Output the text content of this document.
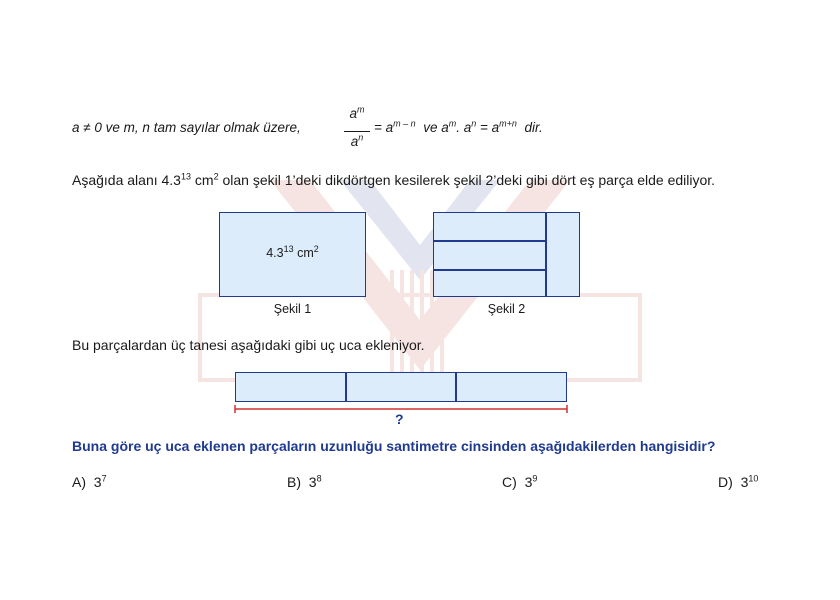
a ≠ 0 ve m, n tam sayılar olmak üzere,
$a^m$
$a^n$
= $a^{m - n}$ ve $a^m$. $a^n = a^{m+n}$ dir.
Aşağıda alanı $4.3^{13}$ $cm^2$ olan şekil 1’deki dikdörtgen kesilerek şekil 2’deki gibi dört eş parça elde ediliyor.
$4.3^{13}$ $cm^2$
Şekil 1	Şekil 2
Bu parçalardan üç tanesi aşağıdaki gibi uç uca ekleniyor.
?
Buna göre uç uca eklenen parçaların uzunluğu santimetre cinsinden aşağıdakilerden hangisidir?
A) $3^7$	B) $3^8$	C) $3^9$	D) $3^{10}$
